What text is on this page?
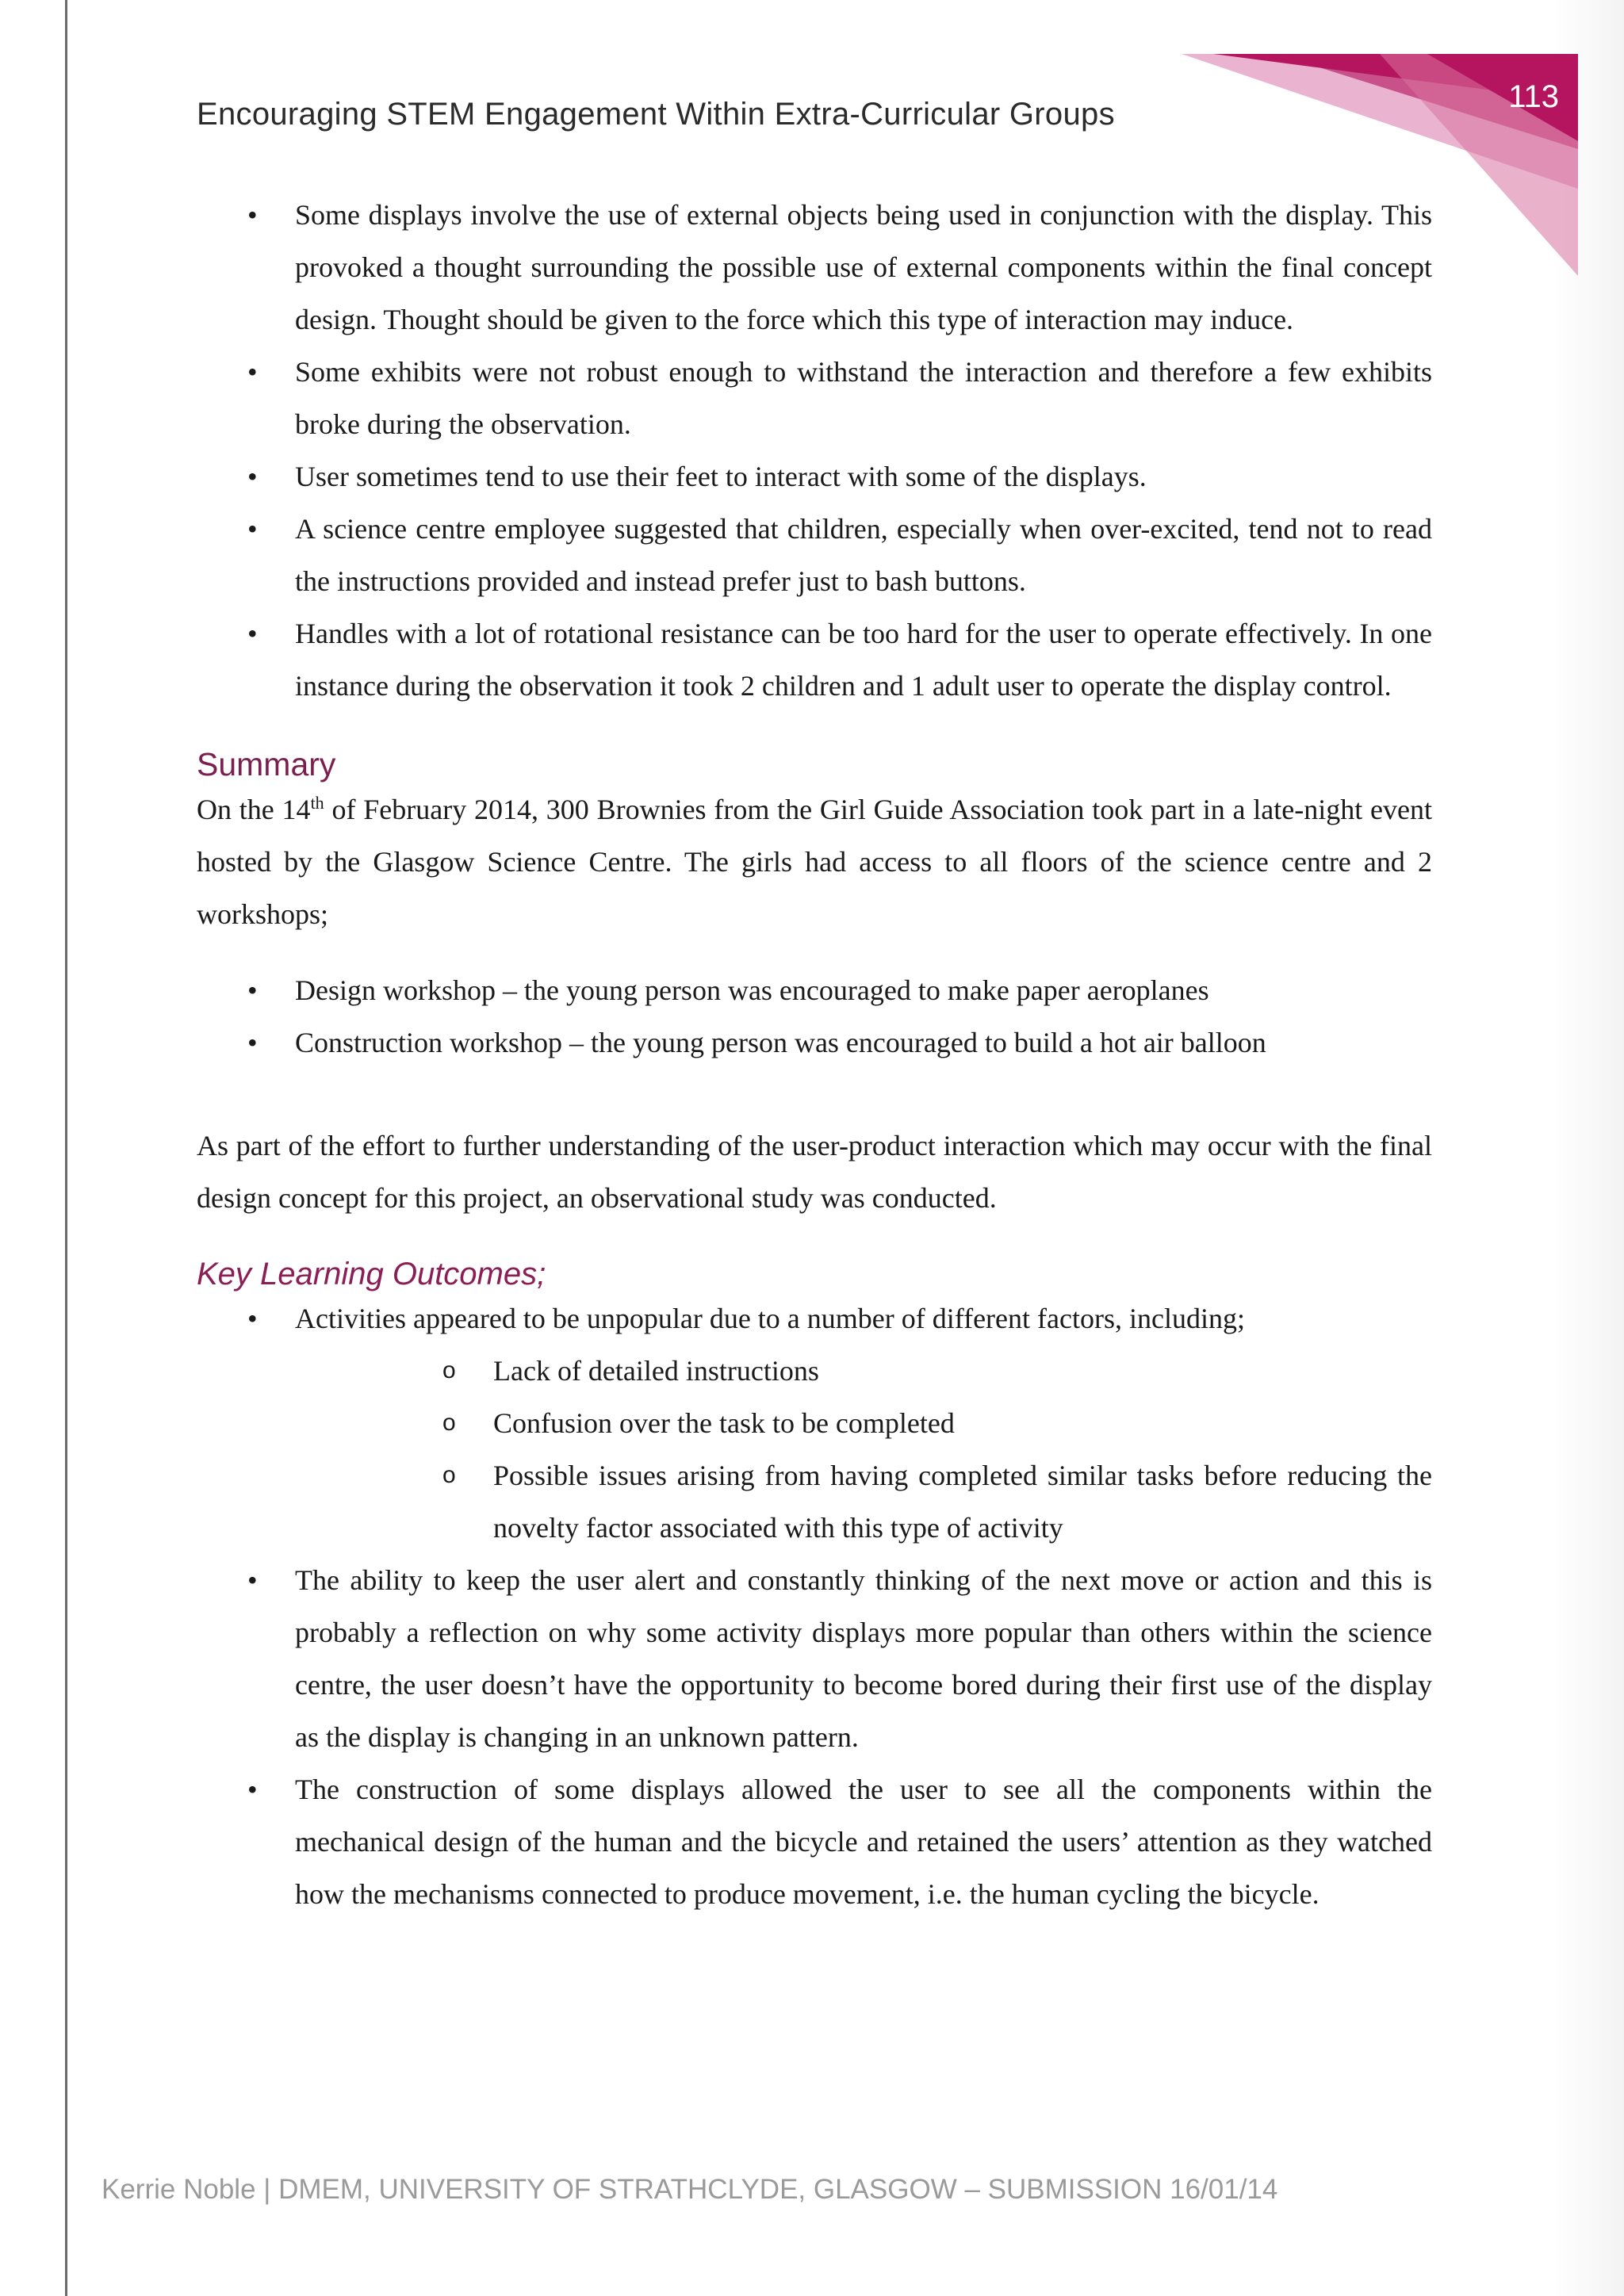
113
Encouraging STEM Engagement Within Extra-Curricular Groups
• Some displays involve the use of external objects being used in conjunction with the display. This provoked a thought surrounding the possible use of external components within the final concept design. Thought should be given to the force which this type of interaction may induce.
• Some exhibits were not robust enough to withstand the interaction and therefore a few exhibits broke during the observation.
• User sometimes tend to use their feet to interact with some of the displays.
• A science centre employee suggested that children, especially when over-excited, tend not to read the instructions provided and instead prefer just to bash buttons.
• Handles with a lot of rotational resistance can be too hard for the user to operate effectively. In one instance during the observation it took 2 children and 1 adult user to operate the display control.
Summary

On the 14th of February 2014, 300 Brownies from the Girl Guide Association took part in a late-night event hosted by the Glasgow Science Centre. The girls had access to all floors of the science centre and 2 workshops;

• Design workshop – the young person was encouraged to make paper aeroplanes
• Construction workshop – the young person was encouraged to build a hot air balloon

As part of the effort to further understanding of the user-product interaction which may occur with the final design concept for this project, an observational study was conducted.

Key Learning Outcomes;
• Activities appeared to be unpopular due to a number of different factors, including;
o Lack of detailed instructions
o Confusion over the task to be completed
o Possible issues arising from having completed similar tasks before reducing the novelty factor associated with this type of activity
• The ability to keep the user alert and constantly thinking of the next move or action and this is probably a reflection on why some activity displays more popular than others within the science centre, the user doesn’t have the opportunity to become bored during their first use of the display as the display is changing in an unknown pattern.
• The construction of some displays allowed the user to see all the components within the mechanical design of the human and the bicycle and retained the users’ attention as they watched how the mechanisms connected to produce movement, i.e. the human cycling the bicycle.
Kerrie Noble | DMEM, UNIVERSITY OF STRATHCLYDE, GLASGOW – SUBMISSION 16/01/14
